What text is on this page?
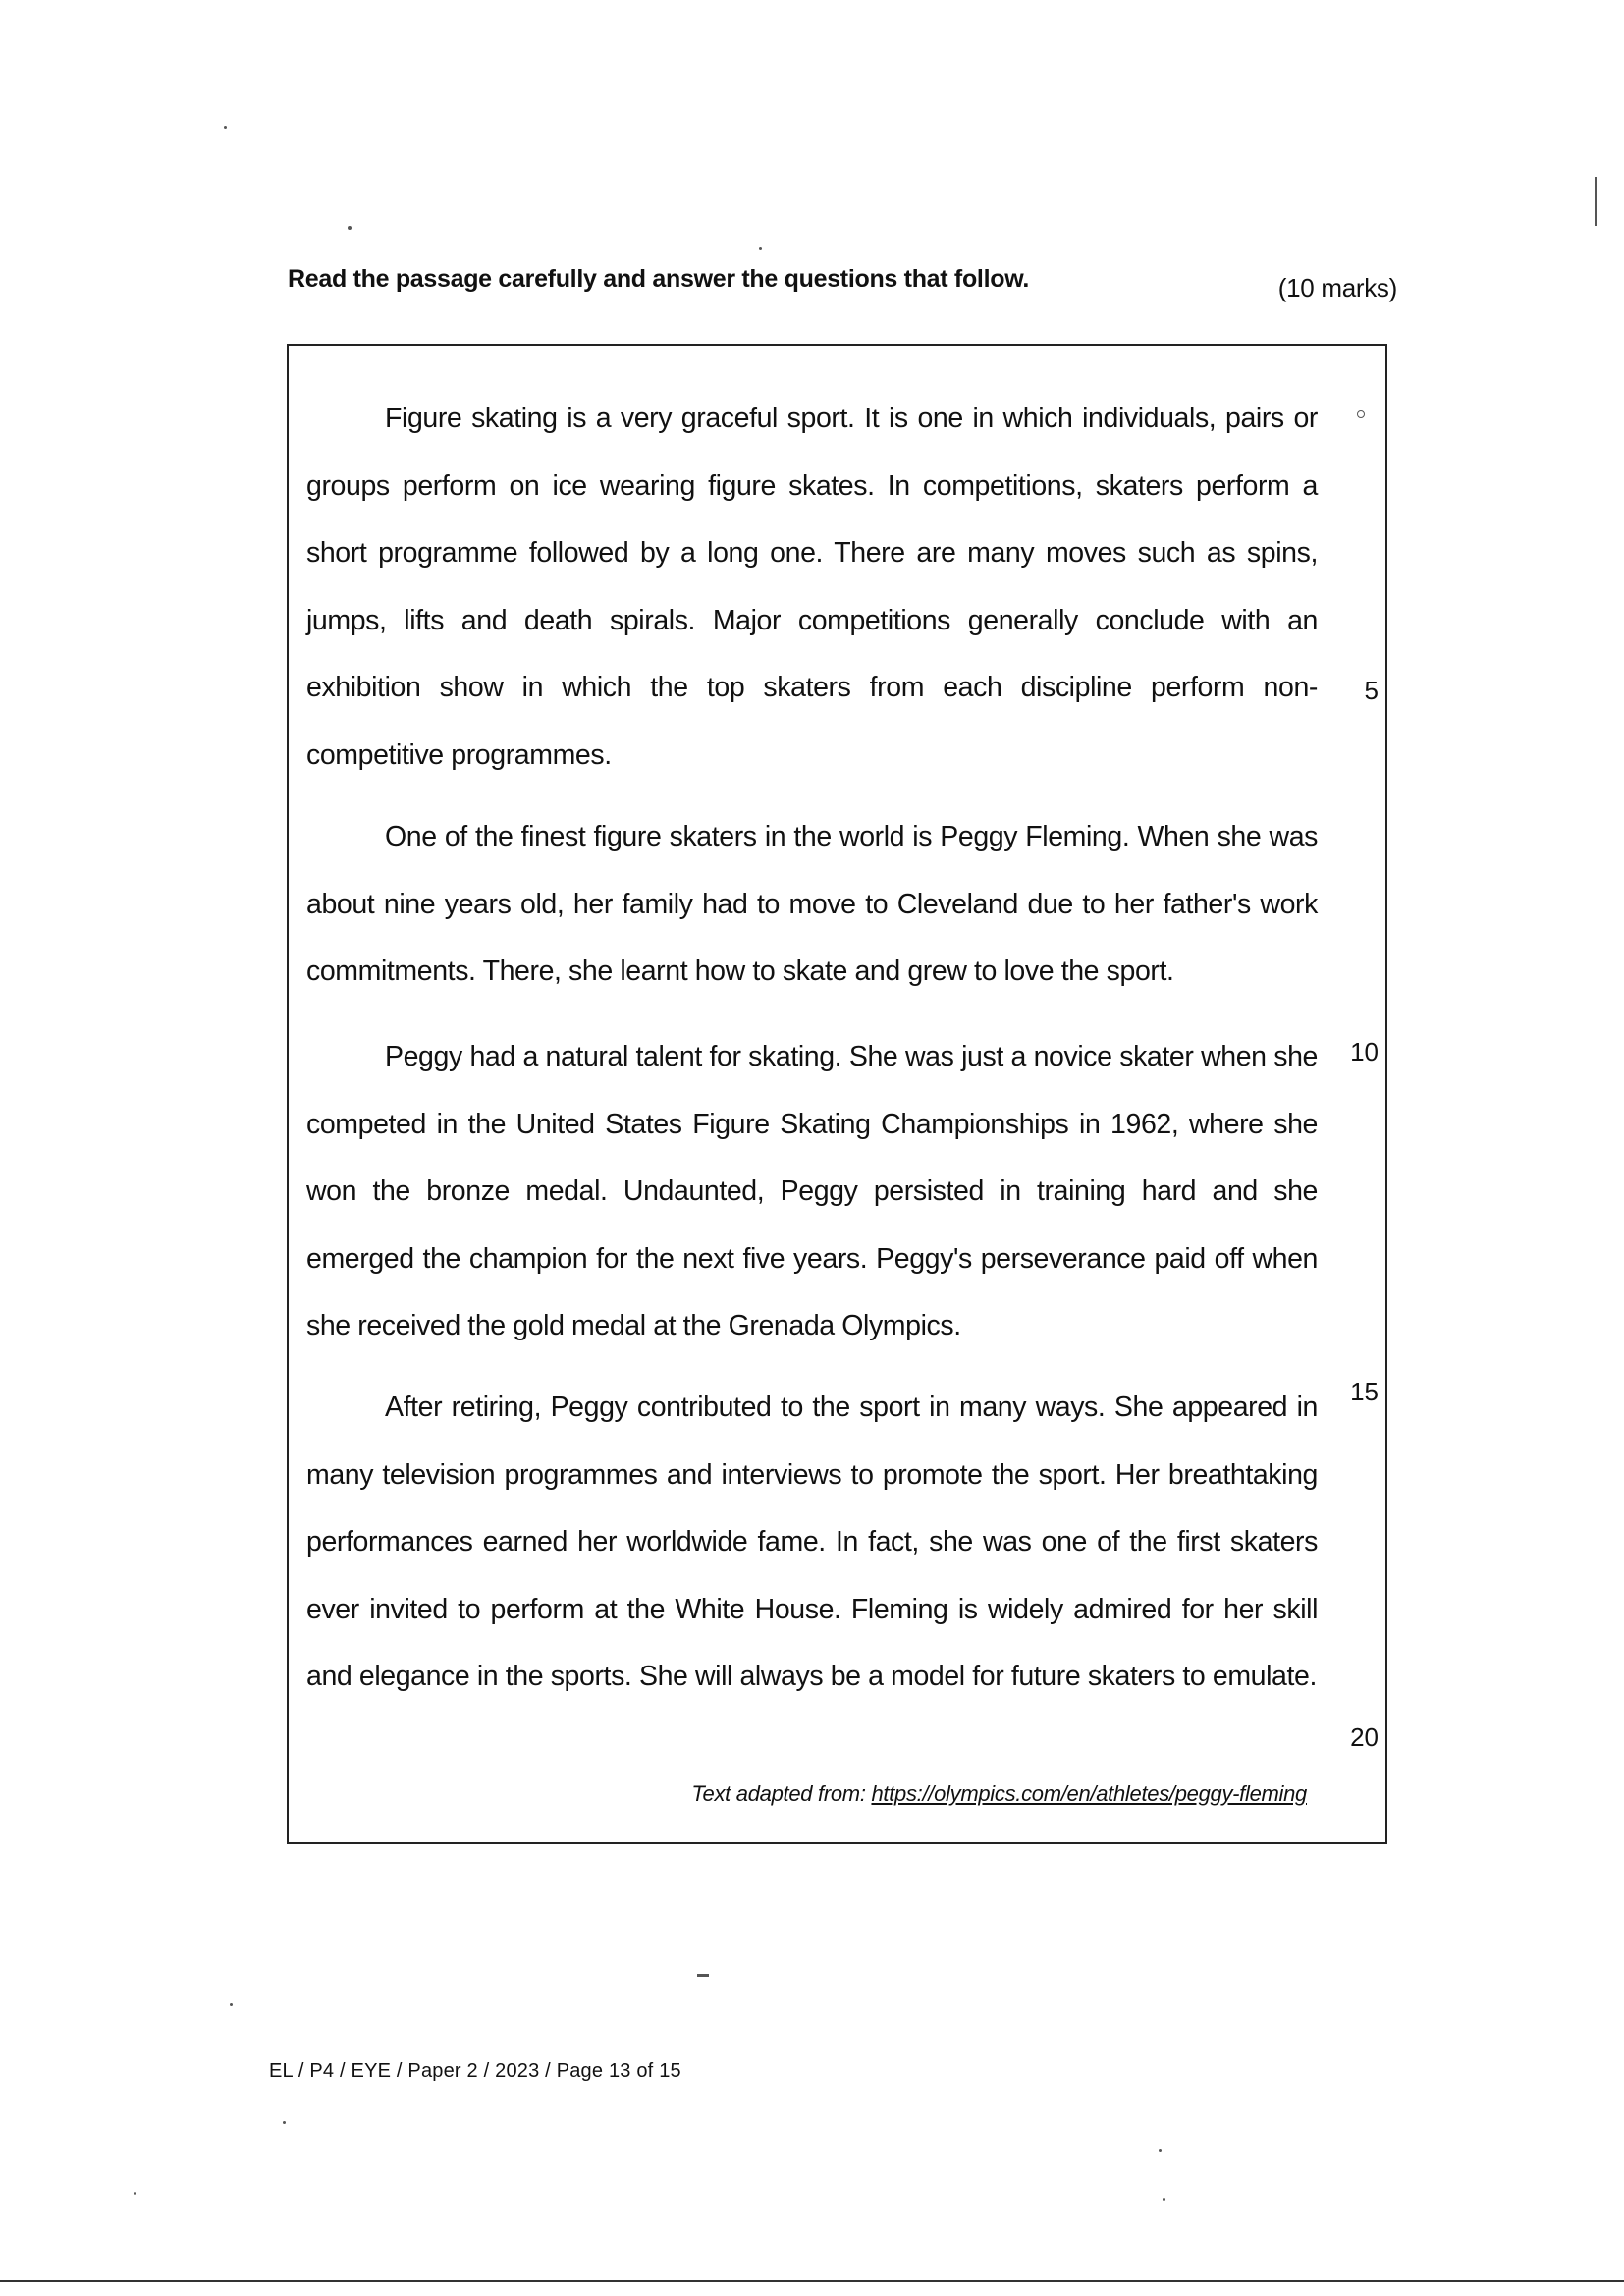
Read the passage carefully and answer the questions that follow.	(10 marks)

Figure skating is a very graceful sport. It is one in which individuals, pairs or groups perform on ice wearing figure skates. In competitions, skaters perform a short programme followed by a long one. There are many moves such as spins, jumps, lifts and death spirals. Major competitions generally conclude with an exhibition show in which the top skaters from each discipline perform non-competitive programmes.

One of the finest figure skaters in the world is Peggy Fleming. When she was about nine years old, her family had to move to Cleveland due to her father's work commitments. There, she learnt how to skate and grew to love the sport.

Peggy had a natural talent for skating. She was just a novice skater when she competed in the United States Figure Skating Championships in 1962, where she won the bronze medal. Undaunted, Peggy persisted in training hard and she emerged the champion for the next five years. Peggy's perseverance paid off when she received the gold medal at the Grenada Olympics.

After retiring, Peggy contributed to the sport in many ways. She appeared in many television programmes and interviews to promote the sport. Her breathtaking performances earned her worldwide fame. In fact, she was one of the first skaters ever invited to perform at the White House. Fleming is widely admired for her skill and elegance in the sports. She will always be a model for future skaters to emulate.

5
10
15
20
Text adapted from: https://olympics.com/en/athletes/peggy-fleming
EL / P4 / EYE / Paper 2 / 2023 / Page 13 of 15
